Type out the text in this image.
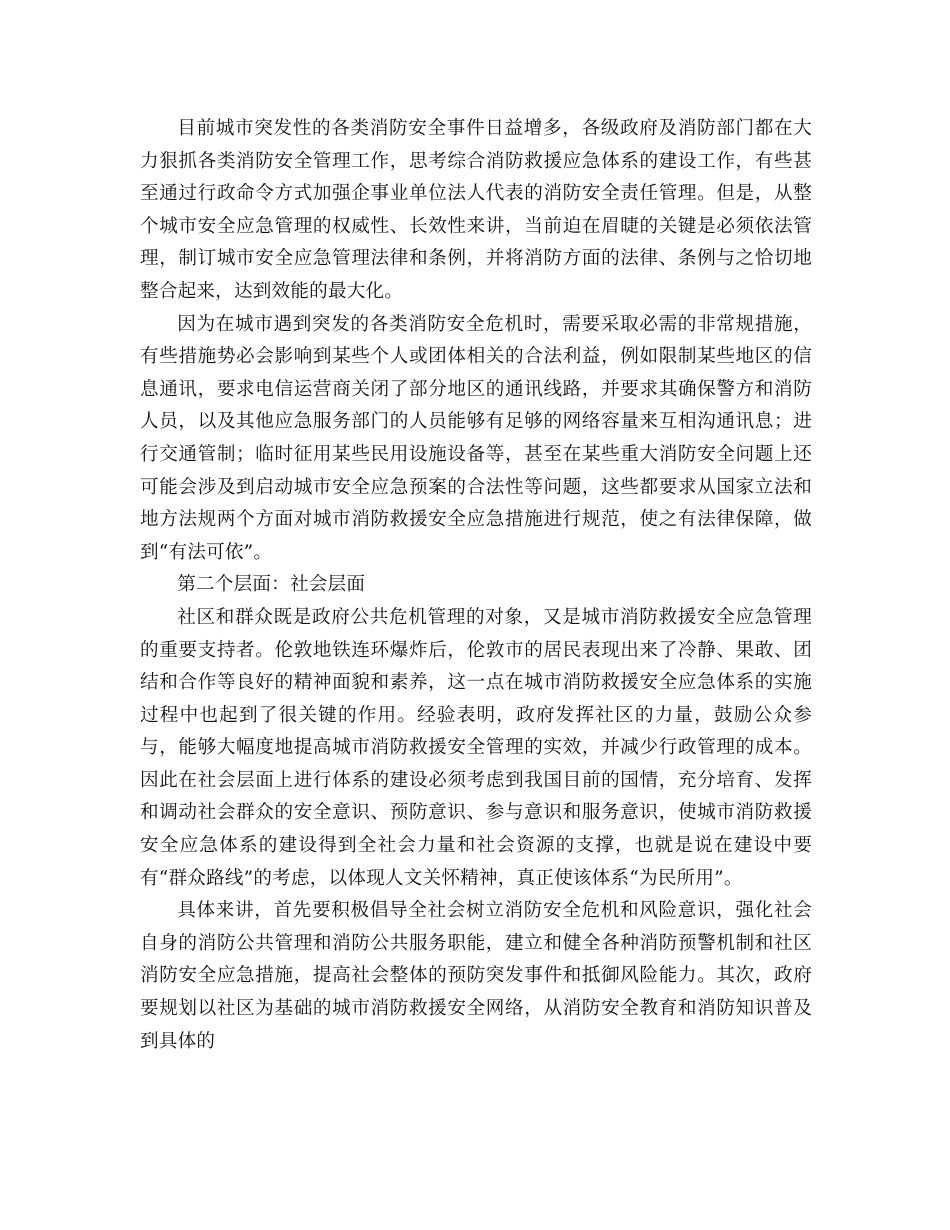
目前城市突发性的各类消防安全事件日益增多，各级政府及消防部门都在大力狠抓各类消防安全管理工作，思考综合消防救援应急体系的建设工作，有些甚至通过行政命令方式加强企事业单位法人代表的消防安全责任管理。但是，从整个城市安全应急管理的权威性、长效性来讲，当前迫在眉睫的关键是必须依法管理，制订城市安全应急管理法律和条例，并将消防方面的法律、条例与之恰切地整合起来，达到效能的最大化。

因为在城市遇到突发的各类消防安全危机时，需要采取必需的非常规措施，有些措施势必会影响到某些个人或团体相关的合法利益，例如限制某些地区的信息通讯，要求电信运营商关闭了部分地区的通讯线路，并要求其确保警方和消防人员，以及其他应急服务部门的人员能够有足够的网络容量来互相沟通讯息；进行交通管制；临时征用某些民用设施设备等，甚至在某些重大消防安全问题上还可能会涉及到启动城市安全应急预案的合法性等问题，这些都要求从国家立法和地方法规两个方面对城市消防救援安全应急措施进行规范，使之有法律保障，做到“有法可依”。

第二个层面：社会层面

社区和群众既是政府公共危机管理的对象，又是城市消防救援安全应急管理的重要支持者。伦敦地铁连环爆炸后，伦敦市的居民表现出来了冷静、果敢、团结和合作等良好的精神面貌和素养，这一点在城市消防救援安全应急体系的实施过程中也起到了很关键的作用。经验表明，政府发挥社区的力量，鼓励公众参与，能够大幅度地提高城市消防救援安全管理的实效，并减少行政管理的成本。因此在社会层面上进行体系的建设必须考虑到我国目前的国情，充分培育、发挥和调动社会群众的安全意识、预防意识、参与意识和服务意识，使城市消防救援安全应急体系的建设得到全社会力量和社会资源的支撑，也就是说在建设中要有“群众路线”的考虑，以体现人文关怀精神，真正使该体系“为民所用”。

具体来讲，首先要积极倡导全社会树立消防安全危机和风险意识，强化社会自身的消防公共管理和消防公共服务职能，建立和健全各种消防预警机制和社区消防安全应急措施，提高社会整体的预防突发事件和抵御风险能力。其次，政府要规划以社区为基础的城市消防救援安全网络，从消防安全教育和消防知识普及到具体的
